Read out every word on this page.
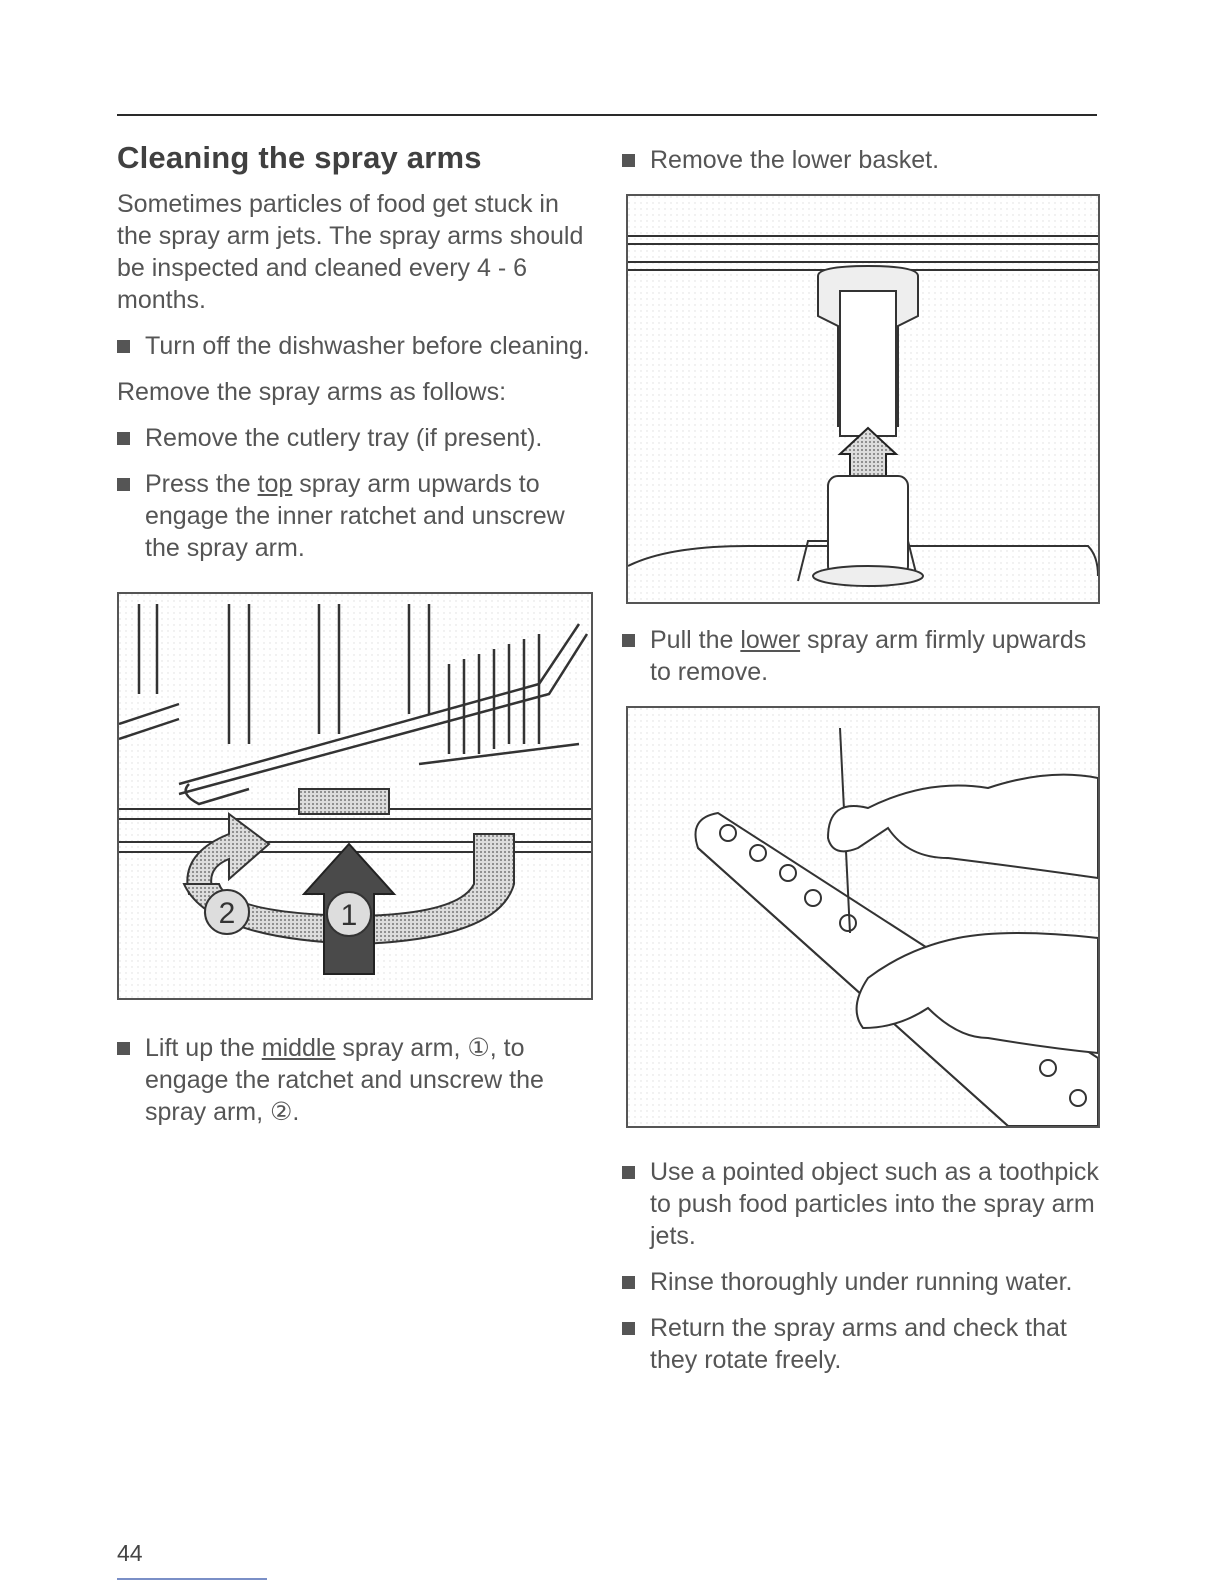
Cleaning the spray arms

Sometimes particles of food get stuck in the spray arm jets. The spray arms should be inspected and cleaned every 4 - 6 months.

Turn off the dishwasher before cleaning.

Remove the spray arms as follows:

Remove the cutlery tray (if present).
Press the top spray arm upwards to engage the inner ratchet and unscrew the spray arm.
2	1
Lift up the middle spray arm, ①, to engage the ratchet and unscrew the spray arm, ②.
Remove the lower basket.
Pull the lower spray arm firmly upwards to remove.
Use a pointed object such as a toothpick to push food particles into the spray arm jets.
Rinse thoroughly under running water.
Return the spray arms and check that they rotate freely.
44
